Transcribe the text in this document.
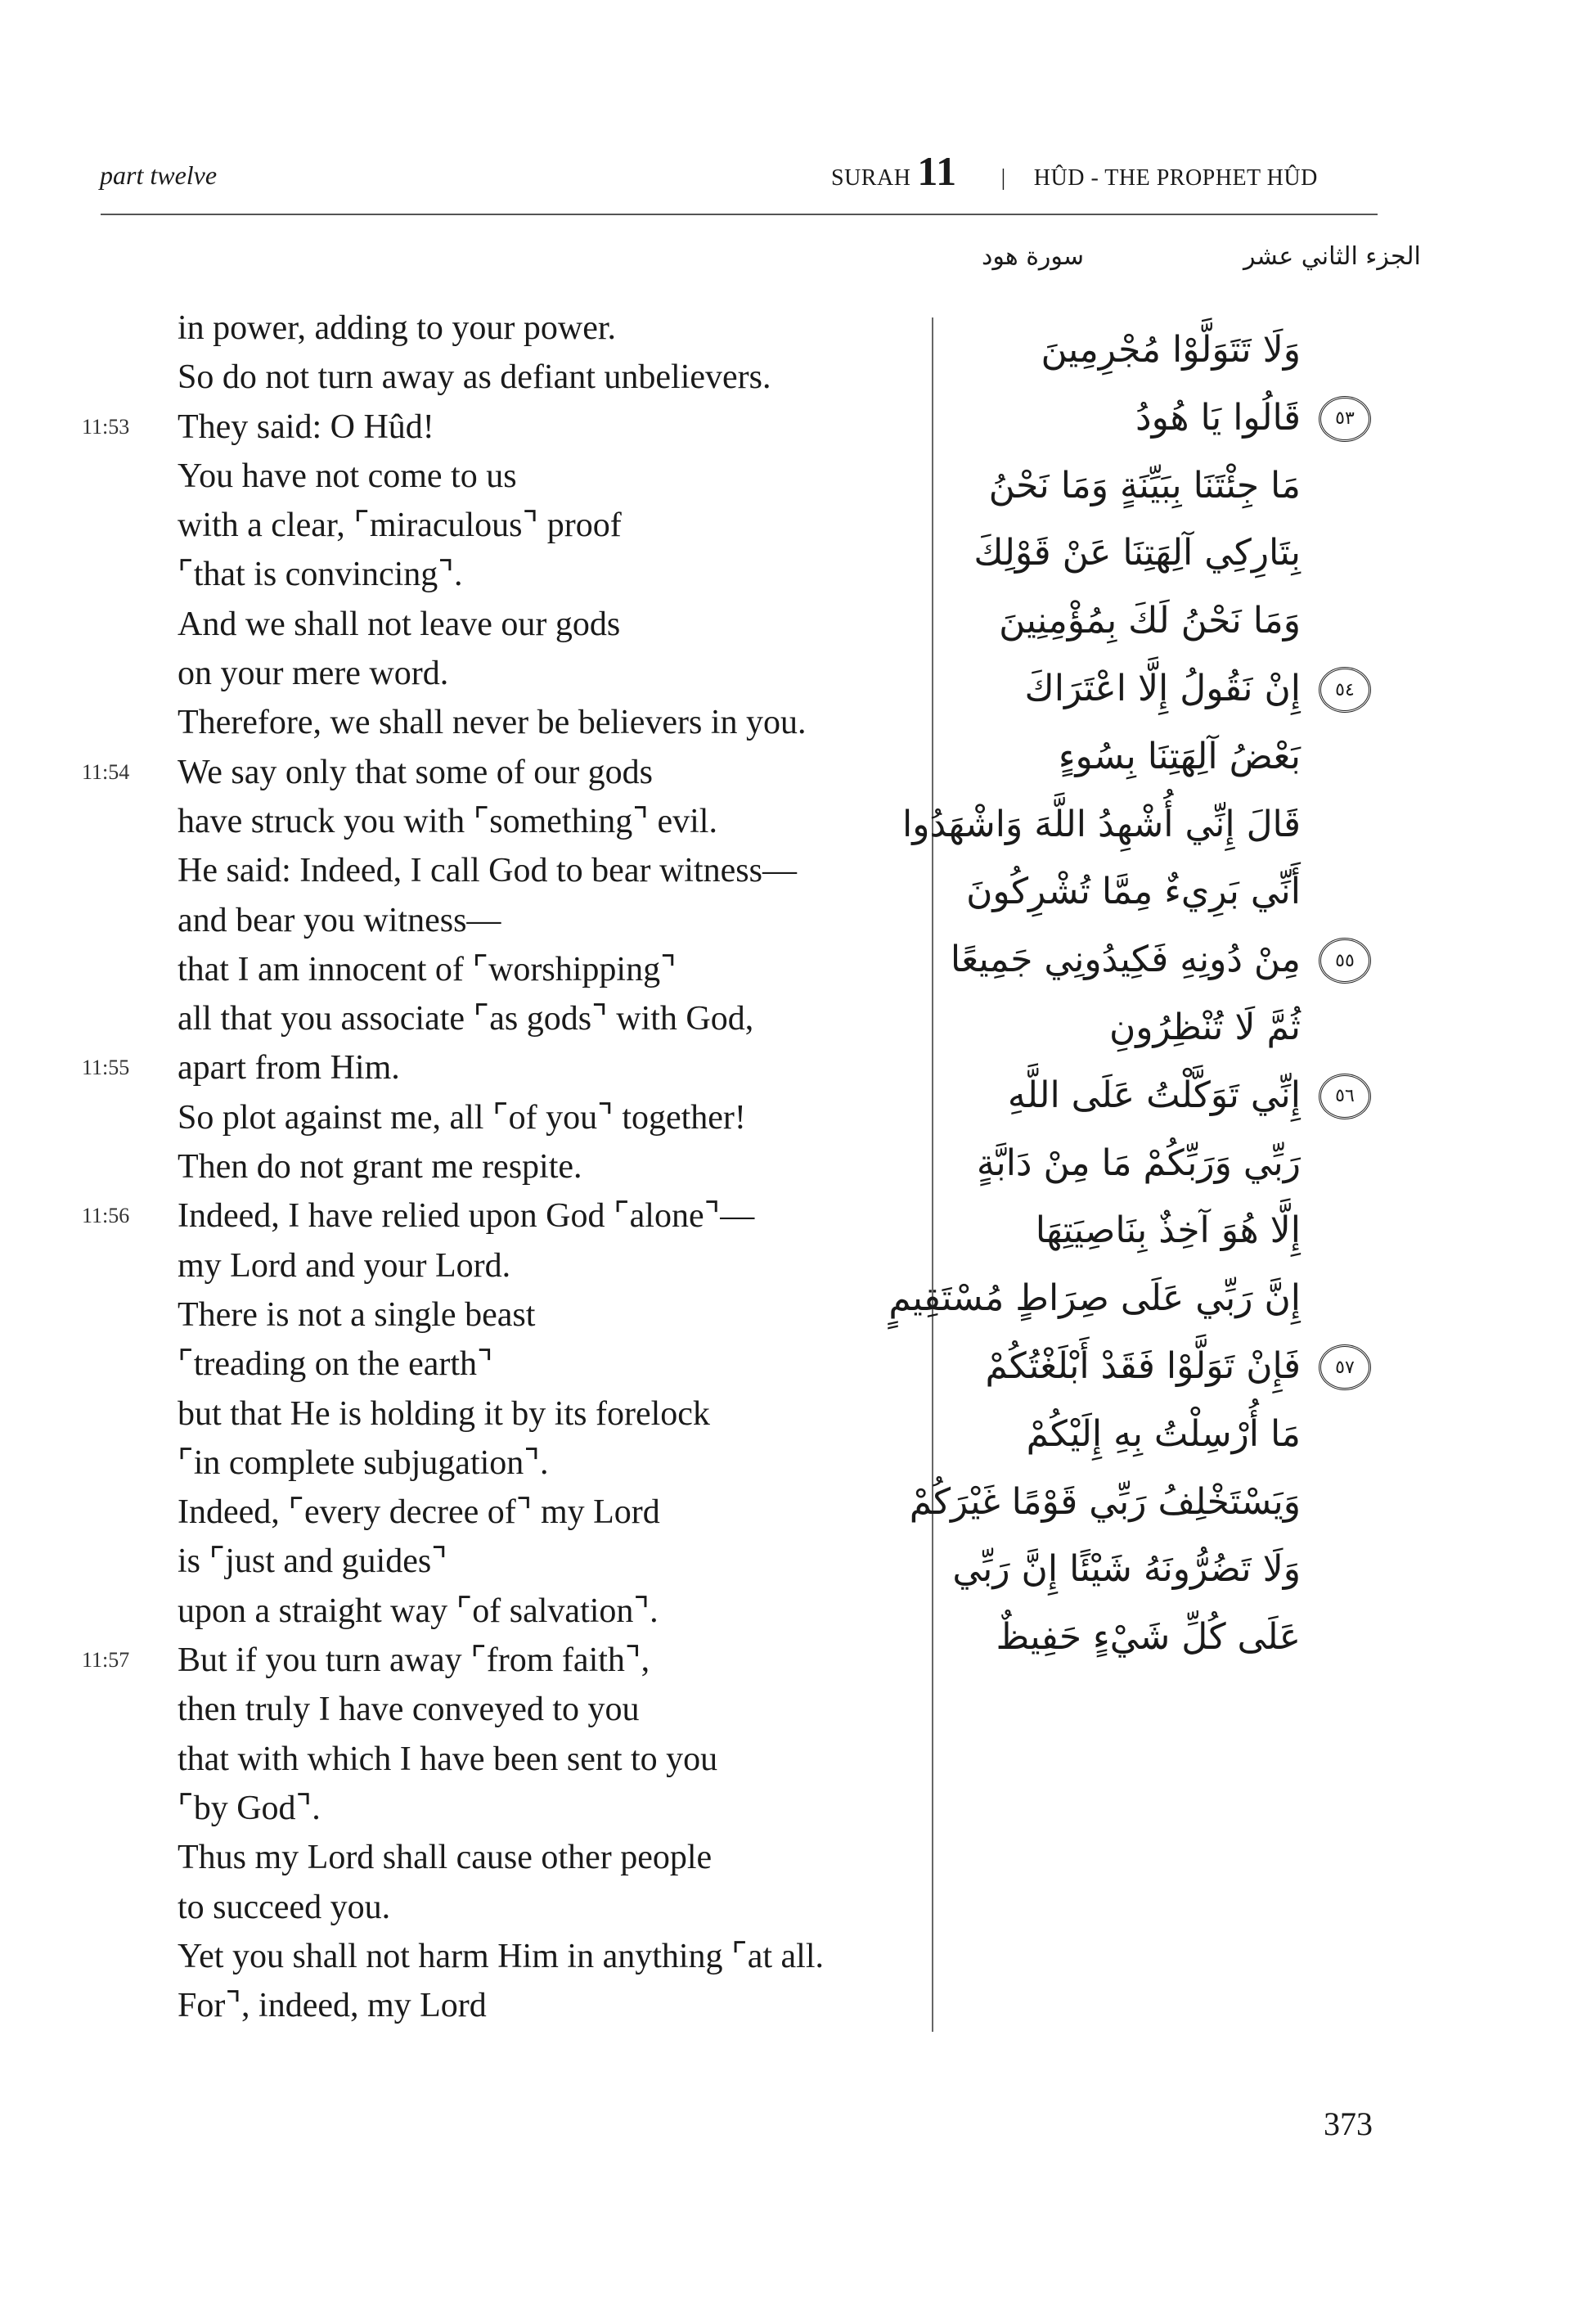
part twelve	SURAH 11 | HÛD - THE PROPHET HÛD
الجزء الثاني عشر
سورة هود
in power, adding to your power.
So do not turn away as defiant unbelievers.
11:53	They said: O Hûd!
You have not come to us
with a clear, ⌜miraculous⌝ proof
⌜that is convincing⌝.
And we shall not leave our gods
on your mere word.
Therefore, we shall never be believers in you.
11:54	We say only that some of our gods
have struck you with ⌜something⌝ evil.
He said: Indeed, I call God to bear witness—
and bear you witness—
that I am innocent of ⌜worshipping⌝
all that you associate ⌜as gods⌝ with God,
11:55	apart from Him.
So plot against me, all ⌜of you⌝ together!
Then do not grant me respite.
11:56	Indeed, I have relied upon God ⌜alone⌝—
my Lord and your Lord.
There is not a single beast
⌜treading on the earth⌝
but that He is holding it by its forelock
⌜in complete subjugation⌝.
Indeed, ⌜every decree of⌝ my Lord
is ⌜just and guides⌝
upon a straight way ⌜of salvation⌝.
11:57	But if you turn away ⌜from faith⌝,
then truly I have conveyed to you
that with which I have been sent to you
⌜by God⌝.
Thus my Lord shall cause other people
to succeed you.
Yet you shall not harm Him in anything ⌜at all.
For⌝, indeed, my Lord
وَلَا تَتَوَلَّوْا مُجْرِمِينَ
قَالُوا يَا هُودُ
مَا جِئْتَنَا بِبَيِّنَةٍ وَمَا نَحْنُ
بِتَارِكِي آلِهَتِنَا عَنْ قَوْلِكَ
وَمَا نَحْنُ لَكَ بِمُؤْمِنِينَ
إِنْ نَقُولُ إِلَّا اعْتَرَاكَ
بَعْضُ آلِهَتِنَا بِسُوءٍ
قَالَ إِنِّي أُشْهِدُ اللَّهَ وَاشْهَدُوا
أَنِّي بَرِيءٌ مِمَّا تُشْرِكُونَ
مِنْ دُونِهِ فَكِيدُونِي جَمِيعًا
ثُمَّ لَا تُنْظِرُونِ
إِنِّي تَوَكَّلْتُ عَلَى اللَّهِ
رَبِّي وَرَبِّكُمْ مَا مِنْ دَابَّةٍ
إِلَّا هُوَ آخِذٌ بِنَاصِيَتِهَا
إِنَّ رَبِّي عَلَى صِرَاطٍ مُسْتَقِيمٍ
فَإِنْ تَوَلَّوْا فَقَدْ أَبْلَغْتُكُمْ
مَا أُرْسِلْتُ بِهِ إِلَيْكُمْ
وَيَسْتَخْلِفُ رَبِّي قَوْمًا غَيْرَكُمْ
وَلَا تَضُرُّونَهُ شَيْئًا إِنَّ رَبِّي
عَلَى كُلِّ شَيْءٍ حَفِيظٌ
٥٣
٥٤
٥٥
٥٦
٥٧
373
